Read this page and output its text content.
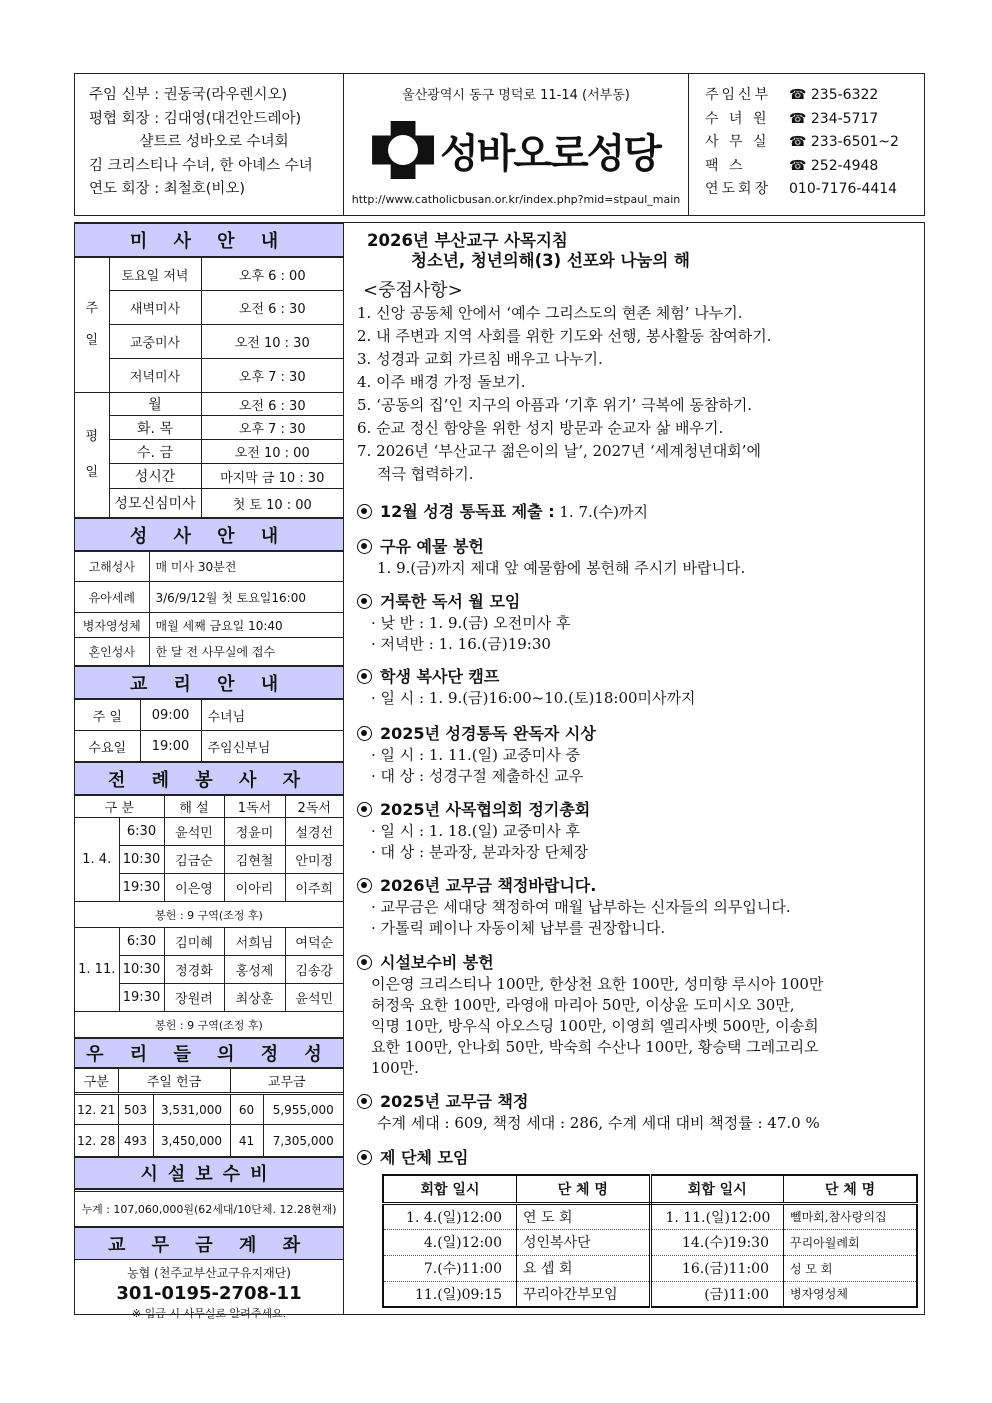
주임 신부 : 권동국(라우렌시오)
평협 회장 : 김대영(대건안드레아)
샬트르 성바오로 수녀회
김 크리스티나 수녀, 한 아녜스 수녀
연도 회장 : 최철호(비오)
울산광역시 동구 명덕로 11-14 (서부동)
성바오로성당
http://www.catholicbusan.or.kr/index.php?mid=stpaul_main
주임신부	☎ 235-6322
수 녀 원	☎ 234-5717
사 무 실	☎ 233-6501~2
팩 스	☎ 252-4948
연도회장	010-7176-4414
미 사 안 내
주

일	토요일 저녁	오후 6 : 00
	새벽미사	오전 6 : 30
	교중미사	오전 10 : 30
	저녁미사	오후 7 : 30
평

일	월	오전 6 : 30
	화. 목	오후 7 : 30
	수. 금	오전 10 : 00
	성시간	마지막 금 10 : 30
	성모신심미사	첫 토 10 : 00
성 사 안 내
고해성사	매 미사 30분전
유아세례	3/6/9/12월 첫 토요일16:00
병자영성체	매월 세째 금요일 10:40
혼인성사	한 달 전 사무실에 접수
교 리 안 내
주 일	09:00	수녀님
수요일	19:00	주임신부님
전 례 봉 사 자
구 분		해 설	1독서	2독서
1. 4.	6:30	윤석민	정윤미	설경선
	10:30	김금순	김현철	안미정
	19:30	이은영	이아리	이주희
봉헌 : 9 구역(조정 후)				
1. 11.	6:30	김미혜	서희님	여덕순
	10:30	정경화	홍성제	김송강
	19:30	장원려	최상훈	윤석민
봉헌 : 9 구역(조정 후)				
우 리 들 의 정 성
구분	주일 헌금		교무금	
12. 21	503	3,531,000	60	5,955,000
12. 28	493	3,450,000	41	7,305,000
시설보수비
누계 : 107,060,000원(62세대/10단체. 12.28현재)
교 무 금 계 좌
농협 (천주교부산교구유지재단)
301-0195-2708-11
※ 입금 시 사무실로 알려주세요.
2026년 부산교구 사목지침
청소년, 청년의해(3) 선포와 나눔의 해
<중점사항>
1. 신앙 공동체 안에서 ‘예수 그리스도의 현존 체험’ 나누기.
2. 내 주변과 지역 사회를 위한 기도와 선행, 봉사활동 참여하기.
3. 성경과 교회 가르침 배우고 나누기.
4. 이주 배경 가정 돌보기.
5. ‘공동의 집’인 지구의 아픔과 ‘기후 위기’ 극복에 동참하기.
6. 순교 정신 함양을 위한 성지 방문과 순교자 삶 배우기.
7. 2026년 ‘부산교구 젊은이의 날’, 2027년 ‘세계청년대회’에
적극 협력하기.
12월 성경 통독표 제출 : 1. 7.(수)까지
구유 예물 봉헌
1. 9.(금)까지 제대 앞 예물함에 봉헌해 주시기 바랍니다.
거룩한 독서 월 모임
· 낮 반 : 1. 9.(금) 오전미사 후
· 저녁반 : 1. 16.(금)19:30
학생 복사단 캠프
· 일 시 : 1. 9.(금)16:00~10.(토)18:00미사까지
2025년 성경통독 완독자 시상
· 일 시 : 1. 11.(일) 교중미사 중
· 대 상 : 성경구절 제출하신 교우
2025년 사목협의회 정기총회
· 일 시 : 1. 18.(일) 교중미사 후
· 대 상 : 분과장, 분과차장 단체장
2026년 교무금 책정바랍니다.
· 교무금은 세대당 책정하여 매월 납부하는 신자들의 의무입니다.
· 가톨릭 페이나 자동이체 납부를 권장합니다.
시설보수비 봉헌
이은영 크리스티나 100만, 한상천 요한 100만, 성미향 루시아 100만
허정욱 요한 100만, 라영애 마리아 50만, 이상윤 도미시오 30만,
익명 10만, 방우식 아오스딩 100만, 이영희 엘리사벳 500만, 이송희
요한 100만, 안나회 50만, 박숙희 수산나 100만, 황승택 그레고리오
100만.
2025년 교무금 책정
수계 세대 : 609, 책정 세대 : 286, 수계 세대 대비 책정률 : 47.0 %
제 단체 모임
회합 일시	단 체 명	회합 일시	단 체 명
1. 4.(일)12:00	연 도 회	1. 11.(일)12:00	뻴마회,참사랑의집
4.(일)12:00	성인복사단	14.(수)19:30	꾸리아월례회
7.(수)11:00	요 셉 회	16.(금)11:00	성 모 회
11.(일)09:15	꾸리아간부모임	(금)11:00	병자영성체
